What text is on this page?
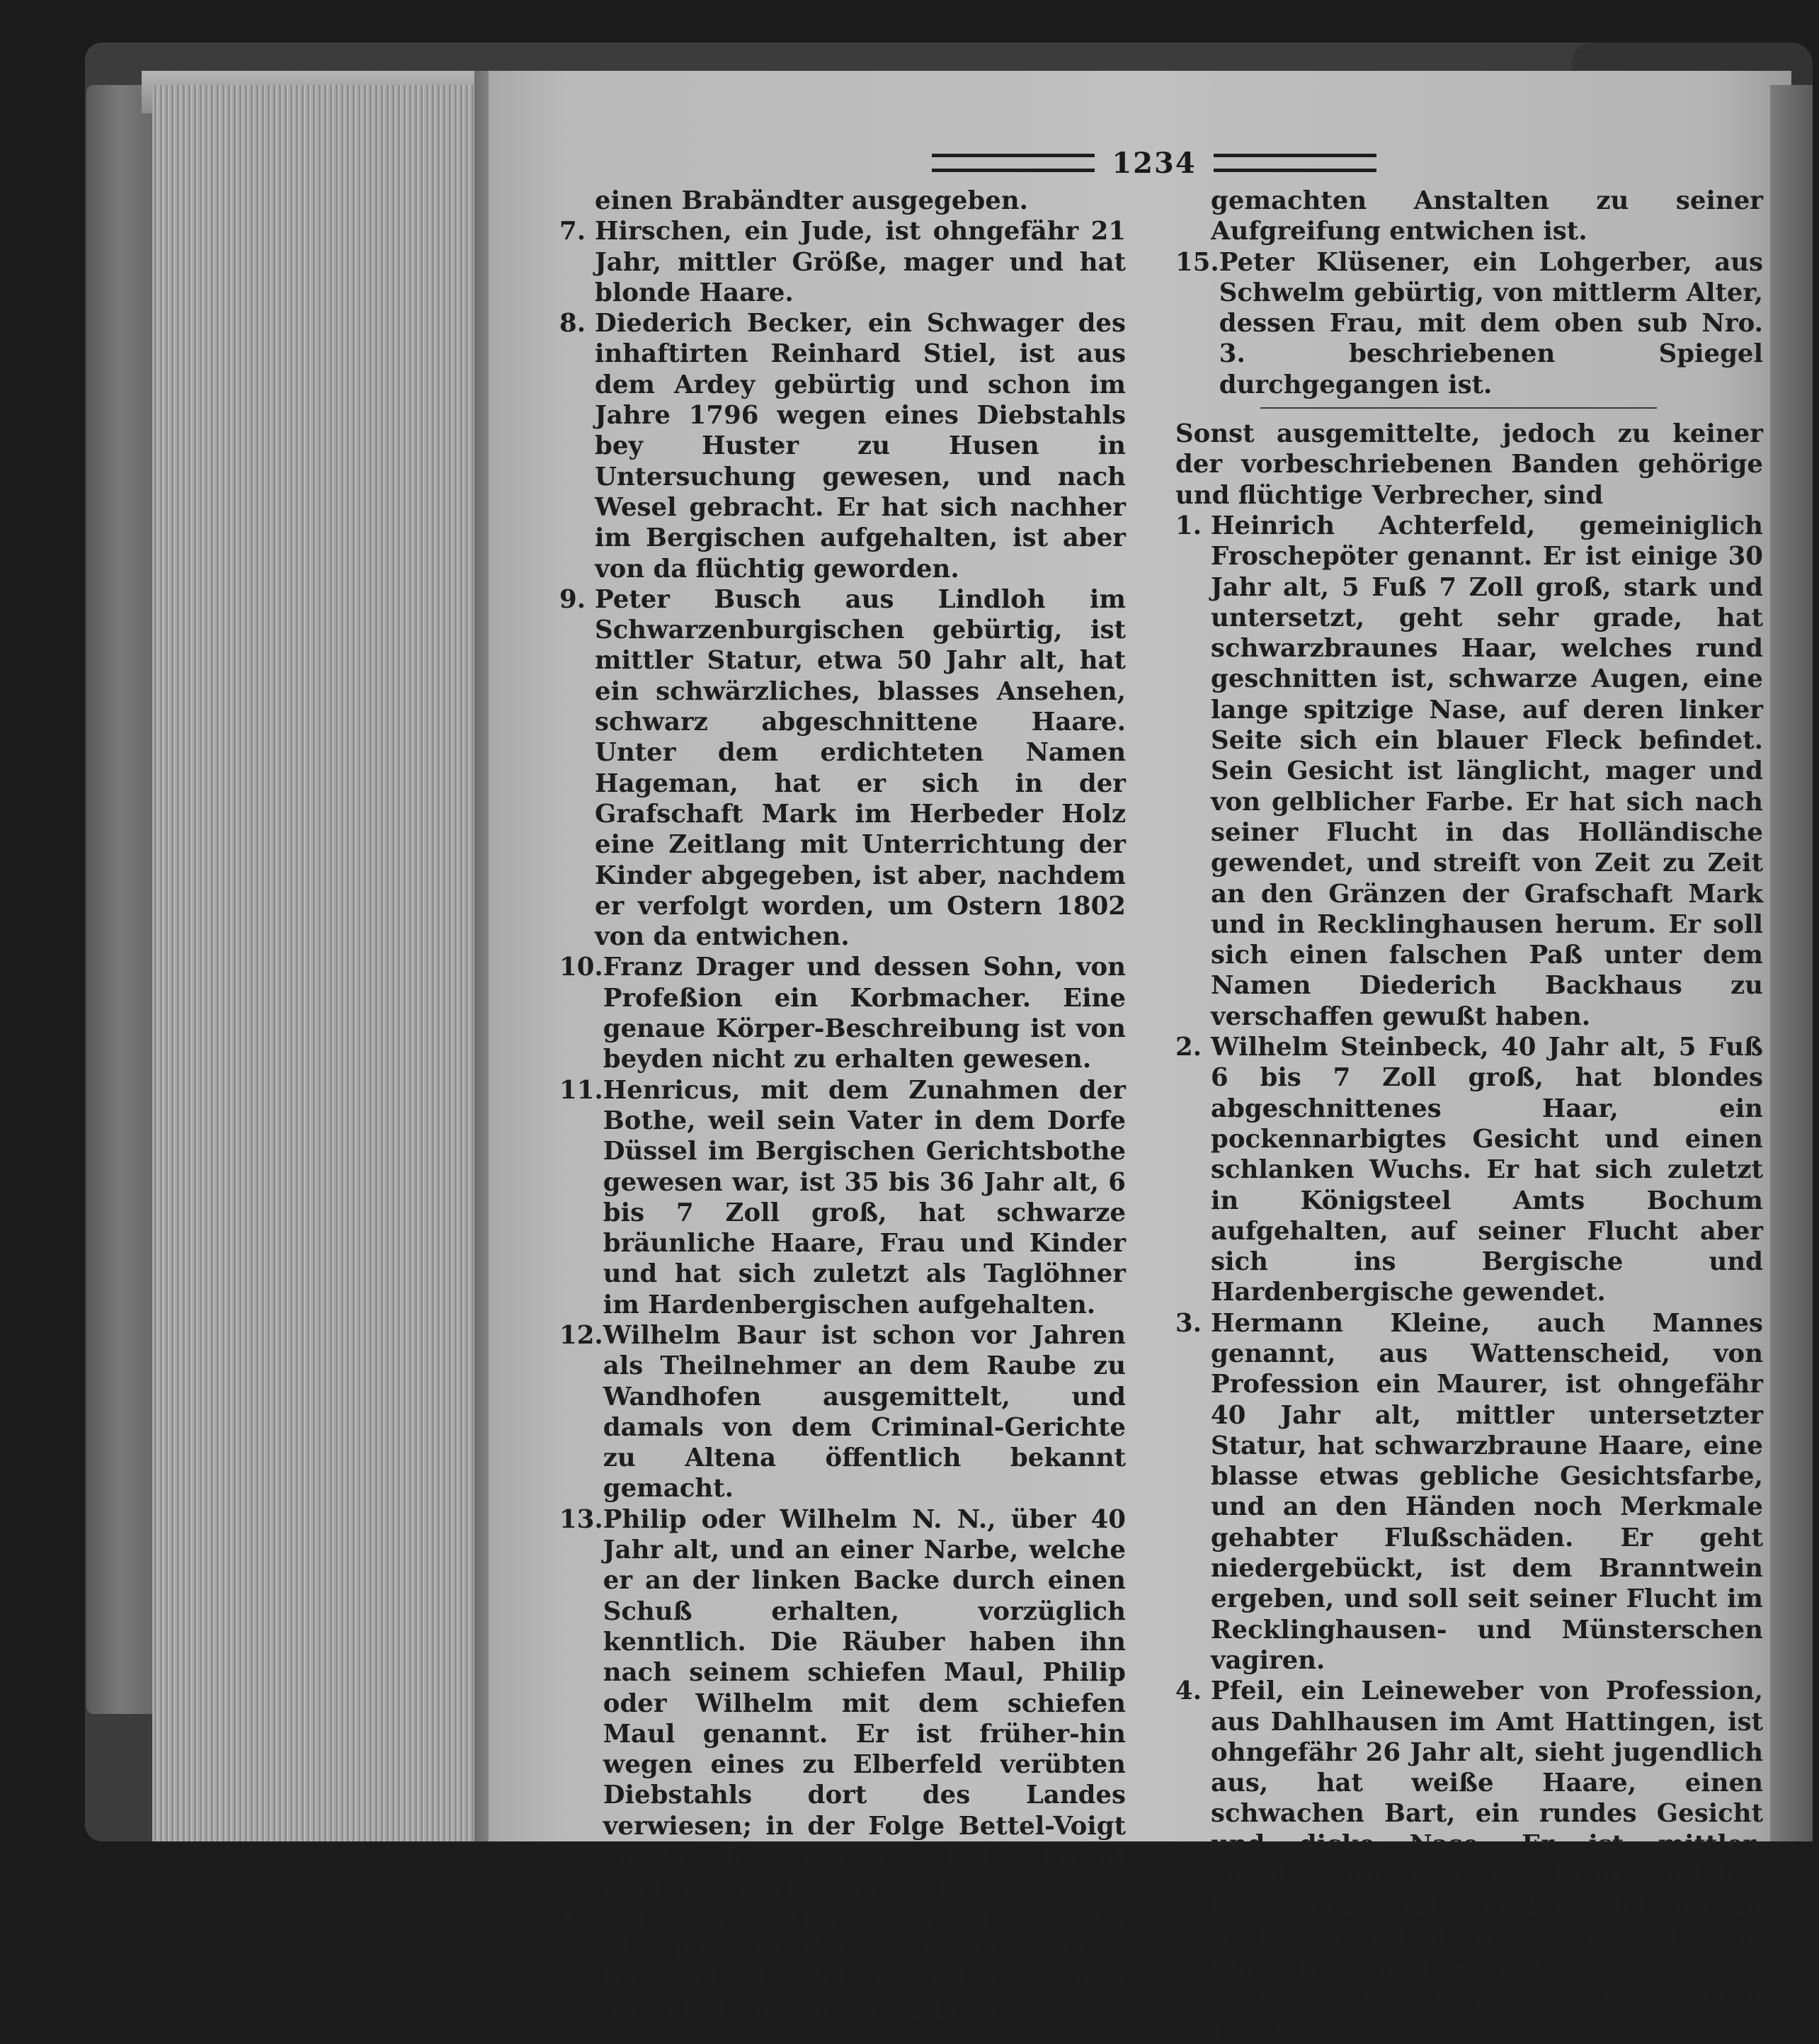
1234
einen Brabändter ausgegeben.
7. Hirschen, ein Jude, ist ohngefähr 21 Jahr, mittler Größe, mager und hat blonde Haare.
8. Diederich Becker, ein Schwager des inhaftirten Reinhard Stiel, ist aus dem Ardey gebürtig und schon im Jahre 1796 wegen eines Diebstahls bey Huster zu Husen in Untersuchung gewesen, und nach Wesel gebracht. Er hat sich nachher im Bergischen aufgehalten, ist aber von da flüchtig geworden.
9. Peter Busch aus Lindloh im Schwarzenburgischen gebürtig, ist mittler Statur, etwa 50 Jahr alt, hat ein schwärzliches, blasses Ansehen, schwarz abgeschnittene Haare. Unter dem erdichteten Namen Hageman, hat er sich in der Grafschaft Mark im Herbeder Holz eine Zeitlang mit Unterrichtung der Kinder abgegeben, ist aber, nachdem er verfolgt worden, um Ostern 1802 von da entwichen.
10. Franz Drager und dessen Sohn, von Profeßion ein Korbmacher. Eine genaue Körper-Beschreibung ist von beyden nicht zu erhalten gewesen.
11. Henricus, mit dem Zunahmen der Bothe, weil sein Vater in dem Dorfe Düssel im Bergischen Gerichtsbothe gewesen war, ist 35 bis 36 Jahr alt, 6 bis 7 Zoll groß, hat schwarze bräunliche Haare, Frau und Kinder und hat sich zuletzt als Taglöhner im Hardenbergischen aufgehalten.
12. Wilhelm Baur ist schon vor Jahren als Theilnehmer an dem Raube zu Wandhofen ausgemittelt, und damals von dem Criminal-Gerichte zu Altena öffentlich bekannt gemacht.
13. Philip oder Wilhelm N. N., über 40 Jahr alt, und an einer Narbe, welche er an der linken Backe durch einen Schuß erhalten, vorzüglich kenntlich. Die Räuber haben ihn nach seinem schiefen Maul, Philip oder Wilhelm mit dem schiefen Maul genannt. Er ist früher-hin wegen eines zu Elberfeld verübten Diebstahls dort des Landes verwiesen; in der Folge Bettel-Voigt zu Werden gewesen, bald darauf auch von dort weggejagt.
14. Seligmann Herz, ein Jude aus Mengede in der Grafschaft Mark, hat sich die letzte Zeit in Lünen aufgehalten, von wo er bey den
gemachten Anstalten zu seiner Aufgreifung entwichen ist.
15. Peter Klüsener, ein Lohgerber, aus Schwelm gebürtig, von mittlerm Alter, dessen Frau, mit dem oben sub Nro. 3. beschriebenen Spiegel durchgegangen ist.

Sonst ausgemittelte, jedoch zu keiner der vorbeschriebenen Banden gehörige und flüchtige Verbrecher, sind

1. Heinrich Achterfeld, gemeiniglich Froschepöter genannt. Er ist einige 30 Jahr alt, 5 Fuß 7 Zoll groß, stark und untersetzt, geht sehr grade, hat schwarzbraunes Haar, welches rund geschnitten ist, schwarze Augen, eine lange spitzige Nase, auf deren linker Seite sich ein blauer Fleck befindet. Sein Gesicht ist länglicht, mager und von gelblicher Farbe. Er hat sich nach seiner Flucht in das Holländische gewendet, und streift von Zeit zu Zeit an den Gränzen der Grafschaft Mark und in Recklinghausen herum. Er soll sich einen falschen Paß unter dem Namen Diederich Backhaus zu verschaffen gewußt haben.
2. Wilhelm Steinbeck, 40 Jahr alt, 5 Fuß 6 bis 7 Zoll groß, hat blondes abgeschnittenes Haar, ein pockennarbigtes Gesicht und einen schlanken Wuchs. Er hat sich zuletzt in Königsteel Amts Bochum aufgehalten, auf seiner Flucht aber sich ins Bergische und Hardenbergische gewendet.
3. Hermann Kleine, auch Mannes genannt, aus Wattenscheid, von Profession ein Maurer, ist ohngefähr 40 Jahr alt, mittler untersetzter Statur, hat schwarzbraune Haare, eine blasse etwas gebliche Gesichtsfarbe, und an den Händen noch Merkmale gehabter Flußschäden. Er geht niedergebückt, ist dem Branntwein ergeben, und soll seit seiner Flucht im Recklinghausen- und Münsterschen vagiren.
4. Pfeil, ein Leineweber von Profession, aus Dahlhausen im Amt Hattingen, ist ohngefähr 26 Jahr alt, sieht jugendlich aus, hat weiße Haare, einen schwachen Bart, ein rundes Gesicht und dicke Nase. Er ist mittler, ziemlich untersetzter Statur, und hat bey seiner kürzlichen Entweichung ein weißes Kamisol von Boy und eine blaue tuchene Hose getragen.
5. Anna Maria Hoppe, deren Mann Johan-
